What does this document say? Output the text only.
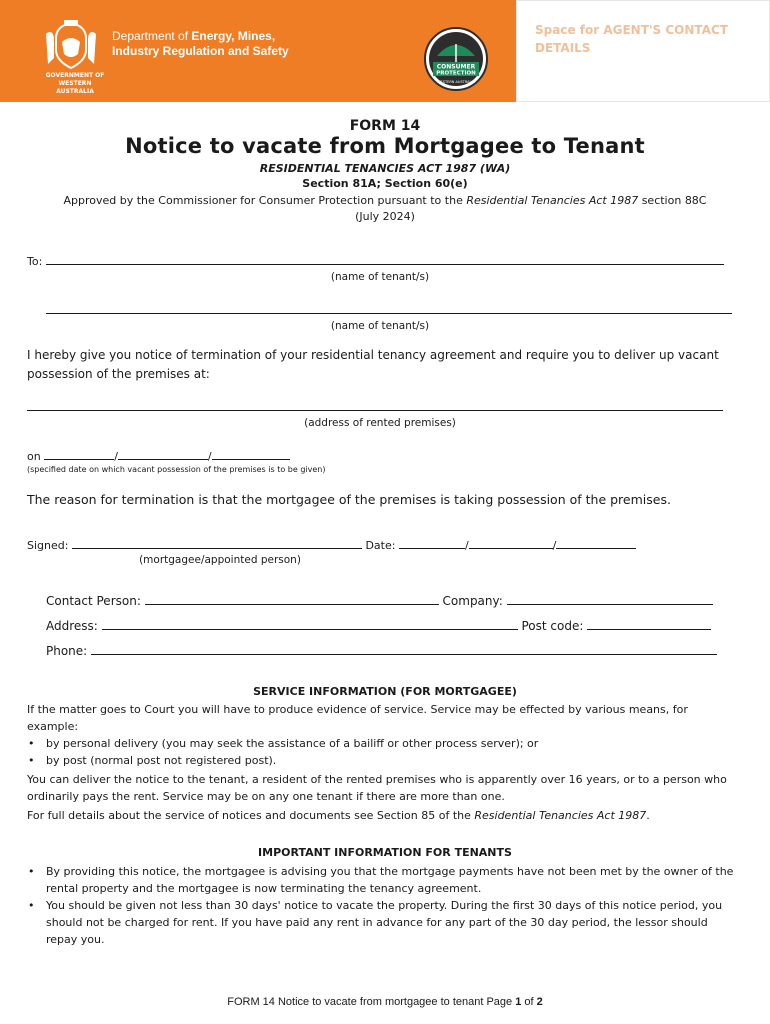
GOVERNMENT OF
WESTERN AUSTRALIA
Department of Energy, Mines,
Industry Regulation and Safety
CONSUMER
PROTECTION
WESTERN AUSTRALIA
Space for AGENT'S CONTACT DETAILS
FORM 14
Notice to vacate from Mortgagee to Tenant
RESIDENTIAL TENANCIES ACT 1987 (WA)
Section 81A; Section 60(e)
Approved by the Commissioner for Consumer Protection pursuant to the Residential Tenancies Act 1987 section 88C
(July 2024)
To:
(name of tenant/s)
(name of tenant/s)
I hereby give you notice of termination of your residential tenancy agreement and require you to deliver up vacant possession of the premises at:
(address of rented premises)
on	/	/
(specified date on which vacant possession of the premises is to be given)
The reason for termination is that the mortgagee of the premises is taking possession of the premises.
Signed:	Date:	/	/
(mortgagee/appointed person)
Contact Person:	Company:
Address:	Post code:
Phone:
SERVICE INFORMATION (FOR MORTGAGEE)
If the matter goes to Court you will have to produce evidence of service. Service may be effected by various means, for example:
• by personal delivery (you may seek the assistance of a bailiff or other process server); or
• by post (normal post not registered post).
You can deliver the notice to the tenant, a resident of the rented premises who is apparently over 16 years, or to a person who ordinarily pays the rent. Service may be on any one tenant if there are more than one.
For full details about the service of notices and documents see Section 85 of the Residential Tenancies Act 1987.
IMPORTANT INFORMATION FOR TENANTS
• By providing this notice, the mortgagee is advising you that the mortgage payments have not been met by the owner of the rental property and the mortgagee is now terminating the tenancy agreement.
• You should be given not less than 30 days' notice to vacate the property. During the first 30 days of this notice period, you should not be charged for rent. If you have paid any rent in advance for any part of the 30 day period, the lessor should repay you.
FORM 14 Notice to vacate from mortgagee to tenant Page 1 of 2
